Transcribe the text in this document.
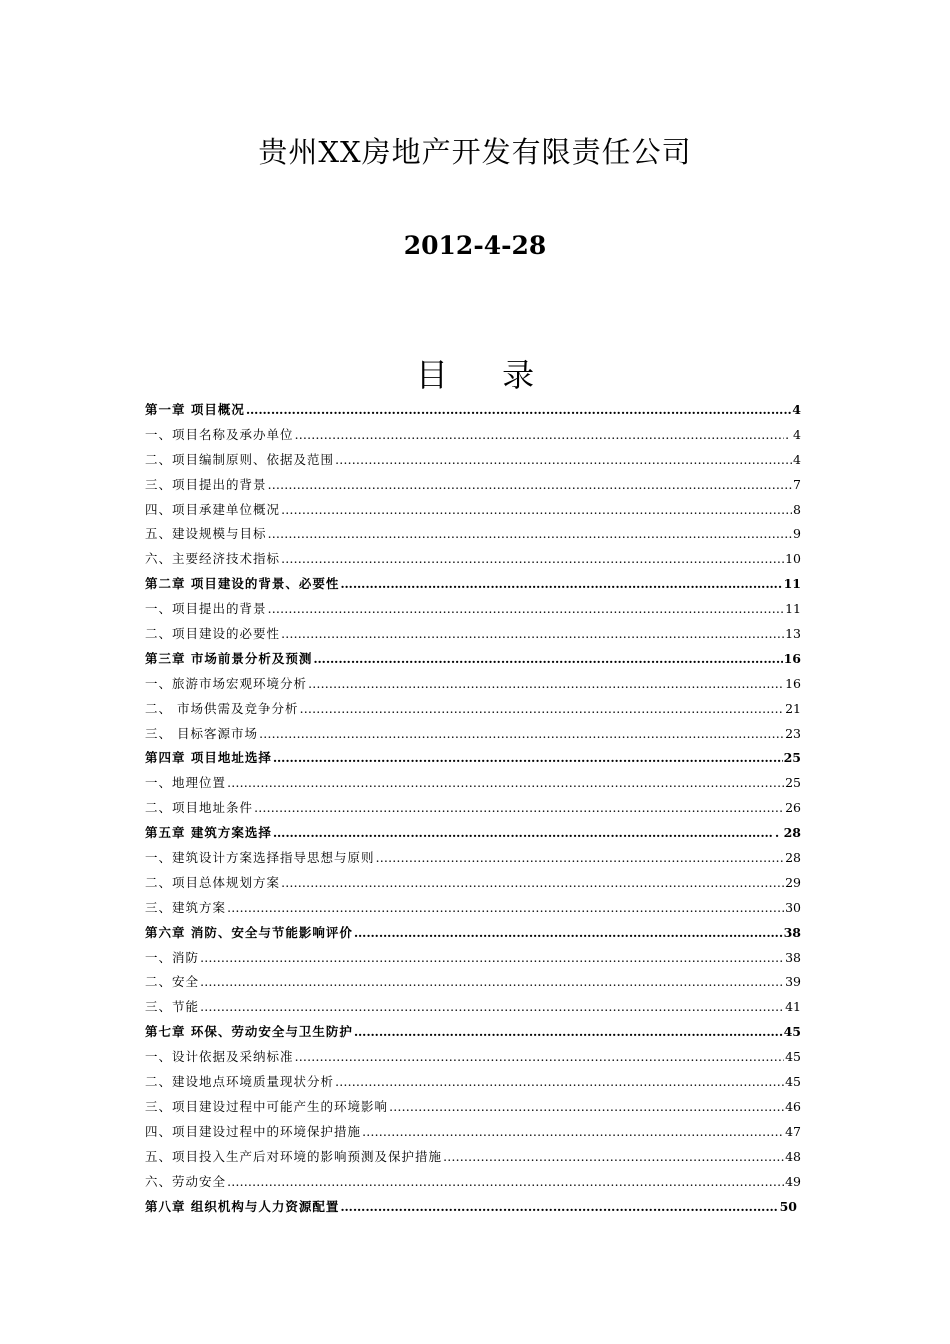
贵州XX房地产开发有限责任公司
2012-4-28
目 录
第一章 项目概况 …………………………………………………………………………………………………………………………………………………………………………………………………………………………………	4
一、项目名称及承办单位 …………………………………………………………………………………………………………………………………………………………………………………………………………………………………	. 4
二、项目编制原则、依据及范围 …………………………………………………………………………………………………………………………………………………………………………………………………………………………………	4
三、项目提出的背景 …………………………………………………………………………………………………………………………………………………………………………………………………………………………………	7
四、项目承建单位概况 …………………………………………………………………………………………………………………………………………………………………………………………………………………………………	8
五、建设规模与目标 …………………………………………………………………………………………………………………………………………………………………………………………………………………………………	9
六、主要经济技术指标 …………………………………………………………………………………………………………………………………………………………………………………………………………………………………	10
第二章 项目建设的背景、必要性 …………………………………………………………………………………………………………………………………………………………………………………………………………………………………	11
一、项目提出的背景 …………………………………………………………………………………………………………………………………………………………………………………………………………………………………	11
二、项目建设的必要性 …………………………………………………………………………………………………………………………………………………………………………………………………………………………………	13
第三章 市场前景分析及预测 …………………………………………………………………………………………………………………………………………………………………………………………………………………………………	16
一、旅游市场宏观环境分析 …………………………………………………………………………………………………………………………………………………………………………………………………………………………………	16
二、 市场供需及竞争分析 …………………………………………………………………………………………………………………………………………………………………………………………………………………………………	21
三、 目标客源市场 …………………………………………………………………………………………………………………………………………………………………………………………………………………………………	23
第四章 项目地址选择 …………………………………………………………………………………………………………………………………………………………………………………………………………………………………	25
一、地理位置 …………………………………………………………………………………………………………………………………………………………………………………………………………………………………	25
二、项目地址条件 …………………………………………………………………………………………………………………………………………………………………………………………………………………………………	26
第五章 建筑方案选择 …………………………………………………………………………………………………………………………………………………………………………………………………………………………………	. 28
一、建筑设计方案选择指导思想与原则 …………………………………………………………………………………………………………………………………………………………………………………………………………………………………	28
二、项目总体规划方案 …………………………………………………………………………………………………………………………………………………………………………………………………………………………………	29
三、建筑方案 …………………………………………………………………………………………………………………………………………………………………………………………………………………………………	30
第六章 消防、安全与节能影响评价 …………………………………………………………………………………………………………………………………………………………………………………………………………………………………	38
一、消防 …………………………………………………………………………………………………………………………………………………………………………………………………………………………………	38
二、安全 …………………………………………………………………………………………………………………………………………………………………………………………………………………………………	39
三、节能 …………………………………………………………………………………………………………………………………………………………………………………………………………………………………	41
第七章 环保、劳动安全与卫生防护 …………………………………………………………………………………………………………………………………………………………………………………………………………………………………	45
一、设计依据及采纳标准 …………………………………………………………………………………………………………………………………………………………………………………………………………………………………	45
二、建设地点环境质量现状分析 …………………………………………………………………………………………………………………………………………………………………………………………………………………………………	45
三、项目建设过程中可能产生的环境影响 …………………………………………………………………………………………………………………………………………………………………………………………………………………………………	46
四、项目建设过程中的环境保护措施 …………………………………………………………………………………………………………………………………………………………………………………………………………………………………	47
五、项目投入生产后对环境的影响预测及保护措施 …………………………………………………………………………………………………………………………………………………………………………………………………………………………………	48
六、劳动安全 …………………………………………………………………………………………………………………………………………………………………………………………………………………………………	49
第八章 组织机构与人力资源配置 …………………………………………………………………………………………………………………………………………………………………………………………………………………………………	50
